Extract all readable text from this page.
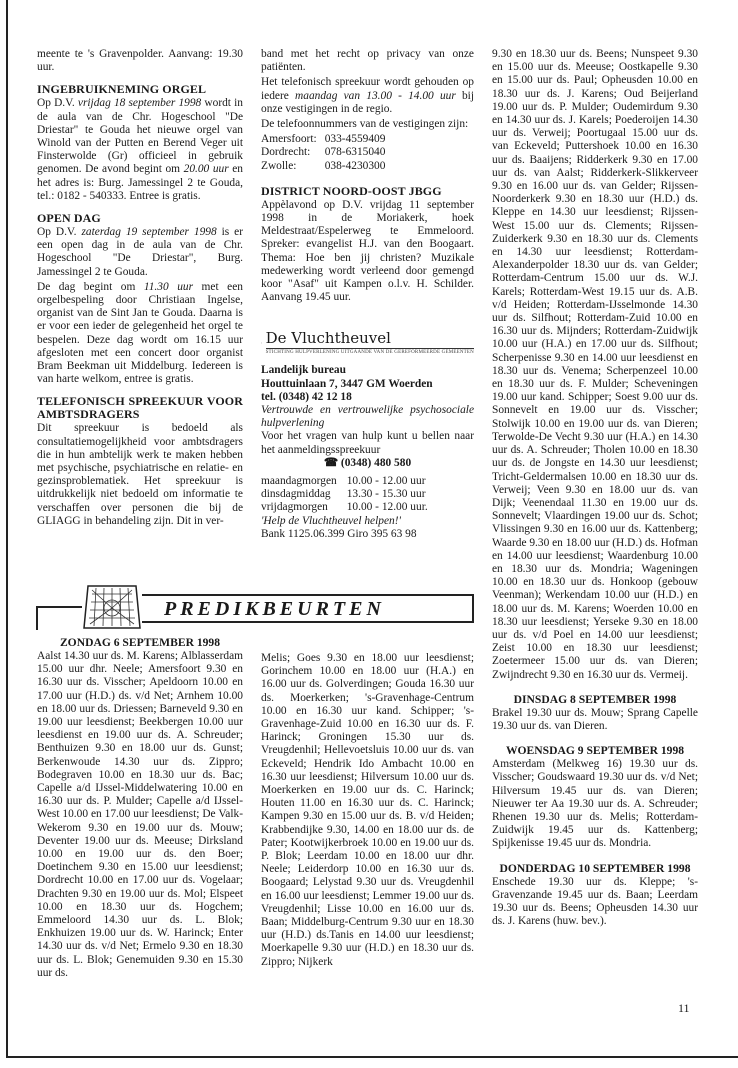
meente te 's Gravenpolder. Aanvang: 19.30 uur.

INGEBRUIKNEMING ORGEL

Op D.V. vrijdag 18 september 1998 wordt in de aula van de Chr. Hogeschool "De Driestar" te Gouda het nieuwe orgel van Winold van der Putten en Berend Veger uit Finsterwolde (Gr) officieel in gebruik genomen. De avond begint om 20.00 uur en het adres is: Burg. Jamessingel 2 te Gouda, tel.: 0182 - 540333. Entree is gratis.

OPEN DAG

Op D.V. zaterdag 19 september 1998 is er een open dag in de aula van de Chr. Hogeschool "De Driestar", Burg. Jamessingel 2 te Gouda.

De dag begint om 11.30 uur met een orgelbespeling door Christiaan Ingelse, organist van de Sint Jan te Gouda. Daarna is er voor een ieder de gelegenheid het orgel te bespelen. Deze dag wordt om 16.15 uur afgesloten met een concert door organist Bram Beekman uit Middelburg. Iedereen is van harte welkom, entree is gratis.

TELEFONISCH SPREEKUUR VOOR AMBTSDRAGERS

Dit spreekuur is bedoeld als consultatiemogelijkheid voor ambtsdragers die in hun ambtelijk werk te maken hebben met psychische, psychiatrische en relatie- en gezinsproblematiek. Het spreekuur is uitdrukkelijk niet bedoeld om informatie te verschaffen over personen die bij de GLIAGG in behandeling zijn. Dit in ver-

band met het recht op privacy van onze patiënten.

Het telefonisch spreekuur wordt gehouden op iedere maandag van 13.00 - 14.00 uur bij onze vestigingen in de regio.

De telefoonnummers van de vestigingen zijn:

Amersfoort:	033-4559409
Dordrecht:	078-6315040
Zwolle:	038-4230300
DISTRICT NOORD-OOST JBGG

Appèlavond op D.V. vrijdag 11 september 1998 in de Moriakerk, hoek Meldestraat/Espelerweg te Emmeloord. Spreker: evangelist H.J. van den Boogaart. Thema: Hoe ben jij christen? Muzikale medewerking wordt verleend door gemengd koor "Asaf" uit Kampen o.l.v. H. Schilder. Aanvang 19.45 uur.

De Vluchtheuvel
STICHTING HULPVERLENING UITGAANDE VAN DE GEREFORMEERDE GEMEENTEN

Landelijk bureau

Houttuinlaan 7, 3447 GM Woerden

tel. (0348) 42 12 18

Vertrouwde en vertrouwelijke psychosociale hulpverlening

Voor het vragen van hulp kunt u bellen naar het aanmeldingsspreekuur

☎ (0348) 480 580

maandagmorgen	10.00 - 12.00 uur
dinsdagmiddag	13.30 - 15.30 uur
vrijdagmorgen	10.00 - 12.00 uur.

'Help de Vluchtheuvel helpen!'

Bank 1125.06.399 Giro 395 63 98

PREDIKBEURTEN
ZONDAG 6 SEPTEMBER 1998

Aalst 14.30 uur ds. M. Karens; Alblasserdam 15.00 uur dhr. Neele; Amersfoort 9.30 en 16.30 uur ds. Visscher; Apeldoorn 10.00 en 17.00 uur (H.D.) ds. v/d Net; Arnhem 10.00 en 18.00 uur ds. Driessen; Barneveld 9.30 en 19.00 uur leesdienst; Beekbergen 10.00 uur leesdienst en 19.00 uur ds. A. Schreuder; Benthuizen 9.30 en 18.00 uur ds. Gunst; Berkenwoude 14.30 uur ds. Zippro; Bodegraven 10.00 en 18.30 uur ds. Bac; Capelle a/d IJssel-Middelwatering 10.00 en 16.30 uur ds. P. Mulder; Capelle a/d IJssel-West 10.00 en 17.00 uur leesdienst; De Valk-Wekerom 9.30 en 19.00 uur ds. Mouw; Deventer 19.00 uur ds. Meeuse; Dirksland 10.00 en 19.00 uur ds. den Boer; Doetinchem 9.30 en 15.00 uur leesdienst; Dordrecht 10.00 en 17.00 uur ds. Vogelaar; Drachten 9.30 en 19.00 uur ds. Mol; Elspeet 10.00 en 18.30 uur ds. Hogchem; Emmeloord 14.30 uur ds. L. Blok; Enkhuizen 19.00 uur ds. W. Harinck; Enter 14.30 uur ds. v/d Net; Ermelo 9.30 en 18.30 uur ds. L. Blok; Genemuiden 9.30 en 15.30 uur ds.

Melis; Goes 9.30 en 18.00 uur leesdienst; Gorinchem 10.00 en 18.00 uur (H.A.) en 16.00 uur ds. Golverdingen; Gouda 16.30 uur ds. Moerkerken; 's-Gravenhage-Centrum 10.00 en 16.30 uur kand. Schipper; 's-Gravenhage-Zuid 10.00 en 16.30 uur ds. F. Harinck; Groningen 15.30 uur ds. Vreugdenhil; Hellevoetsluis 10.00 uur ds. van Eckeveld; Hendrik Ido Ambacht 10.00 en 16.30 uur leesdienst; Hilversum 10.00 uur ds. Moerkerken en 19.00 uur ds. C. Harinck; Houten 11.00 en 16.30 uur ds. C. Harinck; Kampen 9.30 en 15.00 uur ds. B. v/d Heiden; Krabbendijke 9.30, 14.00 en 18.00 uur ds. de Pater; Kootwijkerbroek 10.00 en 19.00 uur ds. P. Blok; Leerdam 10.00 en 18.00 uur dhr. Neele; Leiderdorp 10.00 en 16.30 uur ds. Boogaard; Lelystad 9.30 uur ds. Vreugdenhil en 16.00 uur leesdienst; Lemmer 19.00 uur ds. Vreugdenhil; Lisse 10.00 en 16.00 uur ds. Baan; Middelburg-Centrum 9.30 uur en 18.30 uur (H.D.) ds.Tanis en 14.00 uur leesdienst; Moerkapelle 9.30 uur (H.D.) en 18.30 uur ds. Zippro; Nijkerk

9.30 en 18.30 uur ds. Beens; Nunspeet 9.30 en 15.00 uur ds. Meeuse; Oostkapelle 9.30 en 15.00 uur ds. Paul; Opheusden 10.00 en 18.30 uur ds. J. Karens; Oud Beijerland 19.00 uur ds. P. Mulder; Oudemirdum 9.30 en 14.30 uur ds. J. Karels; Poederoijen 14.30 uur ds. Verweij; Poortugaal 15.00 uur ds. van Eckeveld; Puttershoek 10.00 en 16.30 uur ds. Baaijens; Ridderkerk 9.30 en 17.00 uur ds. van Aalst; Ridderkerk-Slikkerveer 9.30 en 16.00 uur ds. van Gelder; Rijssen-Noorderkerk 9.30 en 18.30 uur (H.D.) ds. Kleppe en 14.30 uur leesdienst; Rijssen-West 15.00 uur ds. Clements; Rijssen-Zuiderkerk 9.30 en 18.30 uur ds. Clements en 14.30 uur leesdienst; Rotterdam-Alexanderpolder 18.30 uur ds. van Gelder; Rotterdam-Centrum 15.00 uur ds. W.J. Karels; Rotterdam-West 19.15 uur ds. A.B. v/d Heiden; Rotterdam-IJsselmonde 14.30 uur ds. Silfhout; Rotterdam-Zuid 10.00 en 16.30 uur ds. Mijnders; Rotterdam-Zuidwijk 10.00 uur (H.A.) en 17.00 uur ds. Silfhout; Scherpenisse 9.30 en 14.00 uur leesdienst en 18.30 uur ds. Venema; Scherpenzeel 10.00 en 18.30 uur ds. F. Mulder; Scheveningen 19.00 uur kand. Schipper; Soest 9.00 uur ds. Sonnevelt en 19.00 uur ds. Visscher; Stolwijk 10.00 en 19.00 uur ds. van Dieren; Terwolde-De Vecht 9.30 uur (H.A.) en 14.30 uur ds. A. Schreuder; Tholen 10.00 en 18.30 uur ds. de Jongste en 14.30 uur leesdienst; Tricht-Geldermalsen 10.00 en 18.30 uur ds. Verweij; Veen 9.30 en 18.00 uur ds. van Dijk; Veenendaal 11.30 en 19.00 uur ds. Sonnevelt; Vlaardingen 19.00 uur ds. Schot; Vlissingen 9.30 en 16.00 uur ds. Kattenberg; Waarde 9.30 en 18.00 uur (H.D.) ds. Hofman en 14.00 uur leesdienst; Waardenburg 10.00 en 18.30 uur ds. Mondria; Wageningen 10.00 en 18.30 uur ds. Honkoop (gebouw Veenman); Werkendam 10.00 uur (H.D.) en 18.00 uur ds. M. Karens; Woerden 10.00 en 18.30 uur leesdienst; Yerseke 9.30 en 18.00 uur ds. v/d Poel en 14.00 uur leesdienst; Zeist 10.00 en 18.30 uur leesdienst; Zoetermeer 15.00 uur ds. van Dieren; Zwijndrecht 9.30 en 16.30 uur ds. Vermeij.

DINSDAG 8 SEPTEMBER 1998

Brakel 19.30 uur ds. Mouw; Sprang Capelle 19.30 uur ds. van Dieren.

WOENSDAG 9 SEPTEMBER 1998

Amsterdam (Melkweg 16) 19.30 uur ds. Visscher; Goudswaard 19.30 uur ds. v/d Net; Hilversum 19.45 uur ds. van Dieren; Nieuwer ter Aa 19.30 uur ds. A. Schreuder; Rhenen 19.30 uur ds. Melis; Rotterdam-Zuidwijk 19.45 uur ds. Kattenberg; Spijkenisse 19.45 uur ds. Mondria.

DONDERDAG 10 SEPTEMBER 1998

Enschede 19.30 uur ds. Kleppe; 's-Gravenzande 19.45 uur ds. Baan; Leerdam 19.30 uur ds. Beens; Opheusden 14.30 uur ds. J. Karens (huw. bev.).

11
